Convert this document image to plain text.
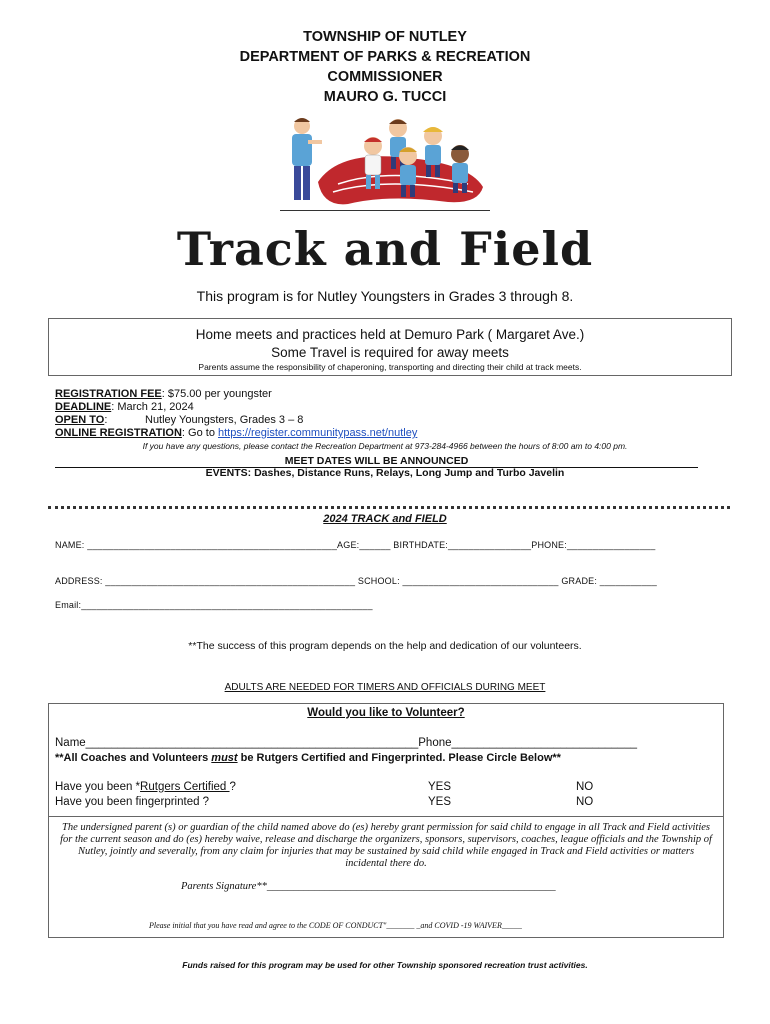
TOWNSHIP OF NUTLEY
DEPARTMENT OF PARKS & RECREATION
COMMISSIONER
MAURO G. TUCCI
Track and Field
This program is for Nutley Youngsters in Grades 3 through 8.
Home meets and practices held at Demuro Park ( Margaret Ave.)
Some Travel is required for away meets
Parents assume the responsibility of chaperoning, transporting and directing their child at track meets.
REGISTRATION FEE: $75.00 per youngster
DEADLINE: March 21, 2024
OPEN TO:	Nutley Youngsters, Grades 3 – 8
ONLINE REGISTRATION: Go to https://register.communitypass.net/nutley
If you have any questions, please contact the Recreation Department at 973-284-4966 between the hours of 8:00 am to 4:00 pm.
MEET DATES WILL BE ANNOUNCED
EVENTS: Dashes, Distance Runs, Relays, Long Jump and Turbo Javelin
2024 TRACK and FIELD
NAME: ________________________________________________AGE:______ BIRTHDATE:________________PHONE:_________________
ADDRESS: ________________________________________________ SCHOOL: ______________________________ GRADE: ___________
Email:________________________________________________________
**The success of this program depends on the help and dedication of our volunteers.
ADULTS ARE NEEDED FOR TIMERS AND OFFICIALS DURING MEET
Would you like to Volunteer?
Name____________________________________________________Phone_____________________________
**All Coaches and Volunteers must be Rutgers Certified and Fingerprinted. Please Circle Below**
Have you been *Rutgers Certified ?
Have you been fingerprinted ?
YES
YES
NO
NO
The undersigned parent (s) or guardian of the child named above do (es) hereby grant permission for said child to engage in all Track and Field activities for the current season and do (es) hereby waive, release and discharge the organizers, sponsors, supervisors, coaches, league officials and the Township of Nutley, jointly and severally, from any claim for injuries that may be sustained by said child while engaged in Track and Field activities or matters incidental there do.
Parents Signature**_______________________________________________________
Please initial that you have read and agree to the CODE OF CONDUCT"_______ _and COVID -19 WAIVER_____
Funds raised for this program may be used for other Township sponsored recreation trust activities.
